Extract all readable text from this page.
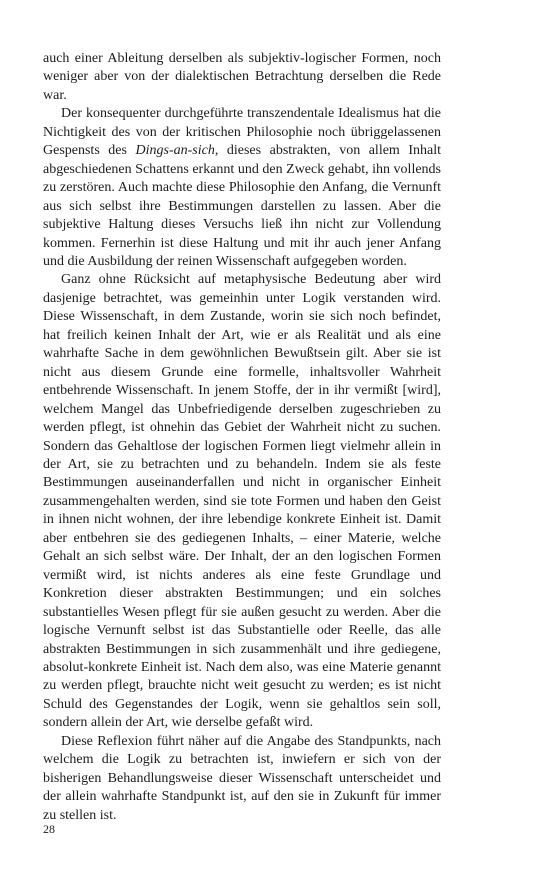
auch einer Ableitung derselben als subjektiv-logischer Formen, noch weniger aber von der dialektischen Betrachtung derselben die Rede war.

Der konsequenter durchgeführte transzendentale Idealismus hat die Nichtigkeit des von der kritischen Philosophie noch übriggelassenen Gespensts des Dings-an-sich, dieses abstrakten, von allem Inhalt abgeschiedenen Schattens erkannt und den Zweck gehabt, ihn vollends zu zerstören. Auch machte diese Philosophie den Anfang, die Vernunft aus sich selbst ihre Bestimmungen darstellen zu lassen. Aber die subjektive Haltung dieses Versuchs ließ ihn nicht zur Vollendung kommen. Fernerhin ist diese Haltung und mit ihr auch jener Anfang und die Ausbildung der reinen Wissenschaft aufgegeben worden.

Ganz ohne Rücksicht auf metaphysische Bedeutung aber wird dasjenige betrachtet, was gemeinhin unter Logik verstanden wird. Diese Wissenschaft, in dem Zustande, worin sie sich noch befindet, hat freilich keinen Inhalt der Art, wie er als Realität und als eine wahrhafte Sache in dem gewöhnlichen Bewußtsein gilt. Aber sie ist nicht aus diesem Grunde eine formelle, inhaltsvoller Wahrheit entbehrende Wissenschaft. In jenem Stoffe, der in ihr vermißt [wird], welchem Mangel das Unbefriedigende derselben zugeschrieben zu werden pflegt, ist ohnehin das Gebiet der Wahrheit nicht zu suchen. Sondern das Gehaltlose der logischen Formen liegt vielmehr allein in der Art, sie zu betrachten und zu behandeln. Indem sie als feste Bestimmungen auseinanderfallen und nicht in organischer Einheit zusammengehalten werden, sind sie tote Formen und haben den Geist in ihnen nicht wohnen, der ihre lebendige konkrete Einheit ist. Damit aber entbehren sie des gediegenen Inhalts, – einer Materie, welche Gehalt an sich selbst wäre. Der Inhalt, der an den logischen Formen vermißt wird, ist nichts anderes als eine feste Grundlage und Konkretion dieser abstrakten Bestimmungen; und ein solches substantielles Wesen pflegt für sie außen gesucht zu werden. Aber die logische Vernunft selbst ist das Substantielle oder Reelle, das alle abstrakten Bestimmungen in sich zusammenhält und ihre gediegene, absolut-konkrete Einheit ist. Nach dem also, was eine Materie genannt zu werden pflegt, brauchte nicht weit gesucht zu werden; es ist nicht Schuld des Gegenstandes der Logik, wenn sie gehaltlos sein soll, sondern allein der Art, wie derselbe gefaßt wird.

Diese Reflexion führt näher auf die Angabe des Standpunkts, nach welchem die Logik zu betrachten ist, inwiefern er sich von der bisherigen Behandlungsweise dieser Wissenschaft unterscheidet und der allein wahrhafte Standpunkt ist, auf den sie in Zukunft für immer zu stellen ist.

28
